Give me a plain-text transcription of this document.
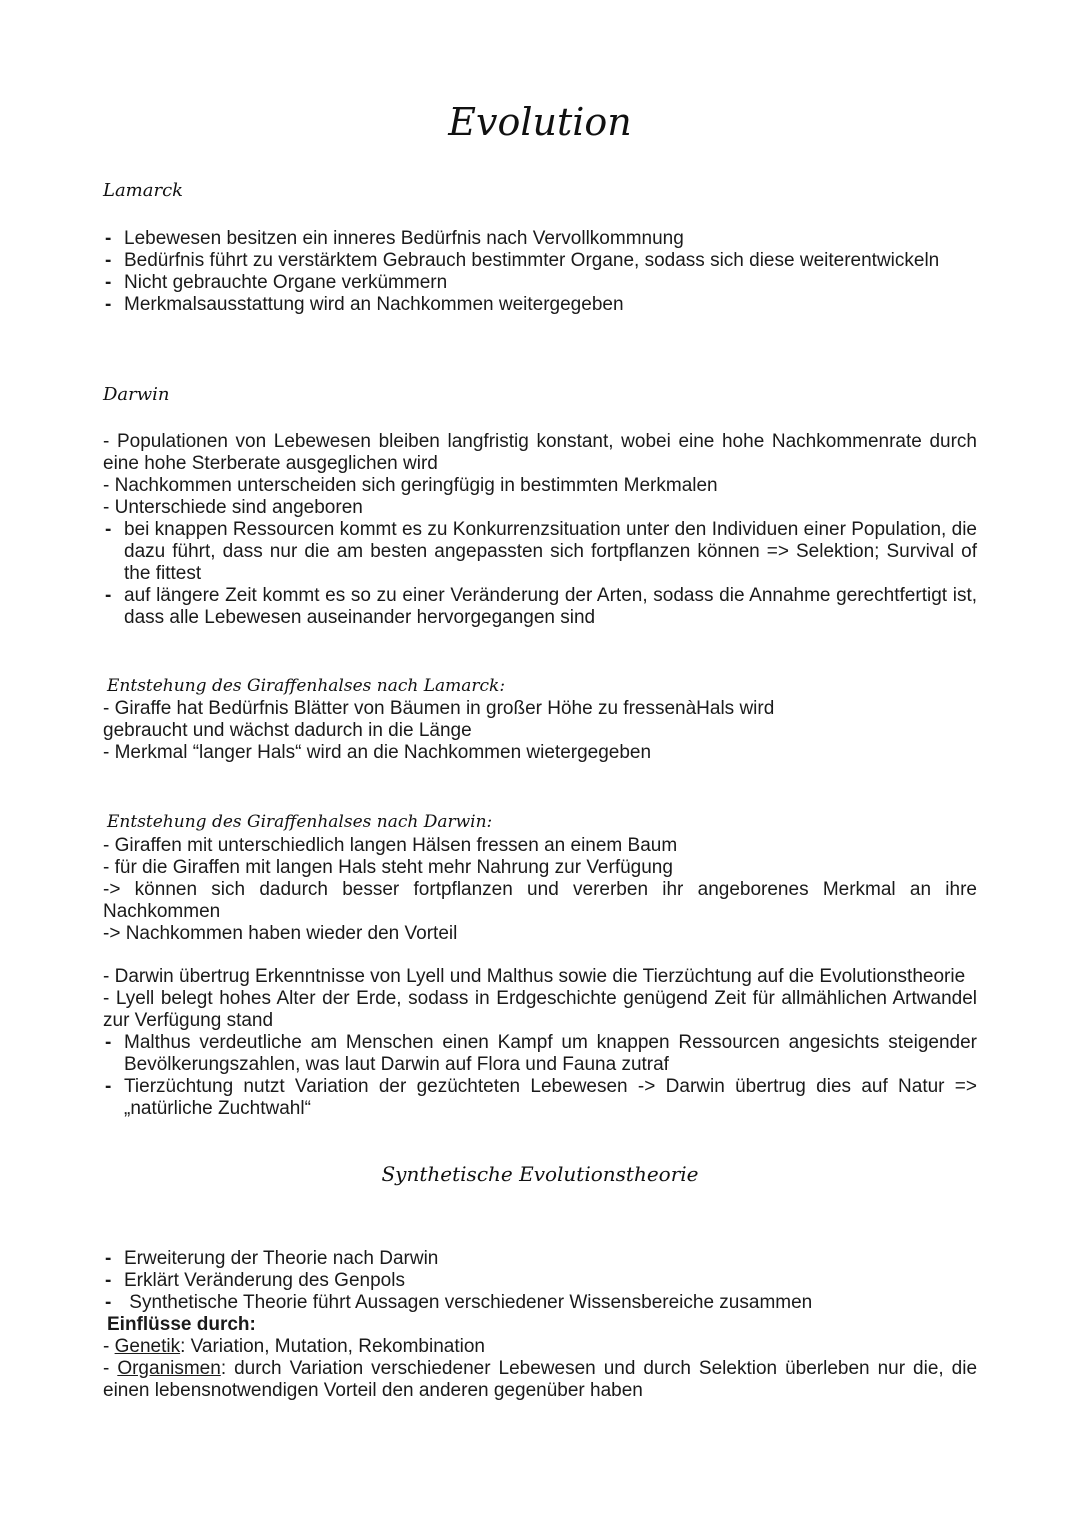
Evolution
Lamarck
- Lebewesen besitzen ein inneres Bedürfnis nach Vervollkommnung
- Bedürfnis führt zu verstärktem Gebrauch bestimmter Organe, sodass sich diese weiterentwickeln
- Nicht gebrauchte Organe verkümmern
- Merkmalsausstattung wird an Nachkommen weitergegeben
Darwin

- Populationen von Lebewesen bleiben langfristig konstant, wobei eine hohe Nachkommenrate durch eine hohe Sterberate ausgeglichen wird

- Nachkommen unterscheiden sich geringfügig in bestimmten Merkmalen

- Unterschiede sind angeboren

- bei knappen Ressourcen kommt es zu Konkurrenzsituation unter den Individuen einer Population, die dazu führt, dass nur die am besten angepassten sich fortpflanzen können => Selektion; Survival of the fittest
- auf längere Zeit kommt es so zu einer Veränderung der Arten, sodass die Annahme gerechtfertigt ist, dass alle Lebewesen auseinander hervorgegangen sind
Entstehung des Giraffenhalses nach Lamarck:

- Giraffe hat Bedürfnis Blätter von Bäumen in großer Höhe zu fressenàHals wird gebraucht und wächst dadurch in die Länge

- Merkmal “langer Hals“ wird an die Nachkommen wietergegeben

Entstehung des Giraffenhalses nach Darwin:

- Giraffen mit unterschiedlich langen Hälsen fressen an einem Baum

- für die Giraffen mit langen Hals steht mehr Nahrung zur Verfügung

-> können sich dadurch besser fortpflanzen und vererben ihr angeborenes Merkmal an ihre Nachkommen

-> Nachkommen haben wieder den Vorteil

- Darwin übertrug Erkenntnisse von Lyell und Malthus sowie die Tierzüchtung auf die Evolutionstheorie

- Lyell belegt hohes Alter der Erde, sodass in Erdgeschichte genügend Zeit für allmählichen Artwandel zur Verfügung stand

- Malthus verdeutliche am Menschen einen Kampf um knappen Ressourcen angesichts steigender Bevölkerungszahlen, was laut Darwin auf Flora und Fauna zutraf
- Tierzüchtung nutzt Variation der gezüchteten Lebewesen -> Darwin übertrug dies auf Natur => „natürliche Zuchtwahl“
Synthetische Evolutionstheorie
- Erweiterung der Theorie nach Darwin
- Erklärt Veränderung des Genpols
-  Synthetische Theorie führt Aussagen verschiedener Wissensbereiche zusammen

Einflüsse durch:

- Genetik: Variation, Mutation, Rekombination

- Organismen: durch Variation verschiedener Lebewesen und durch Selektion überleben nur die, die einen lebensnotwendigen Vorteil den anderen gegenüber haben
